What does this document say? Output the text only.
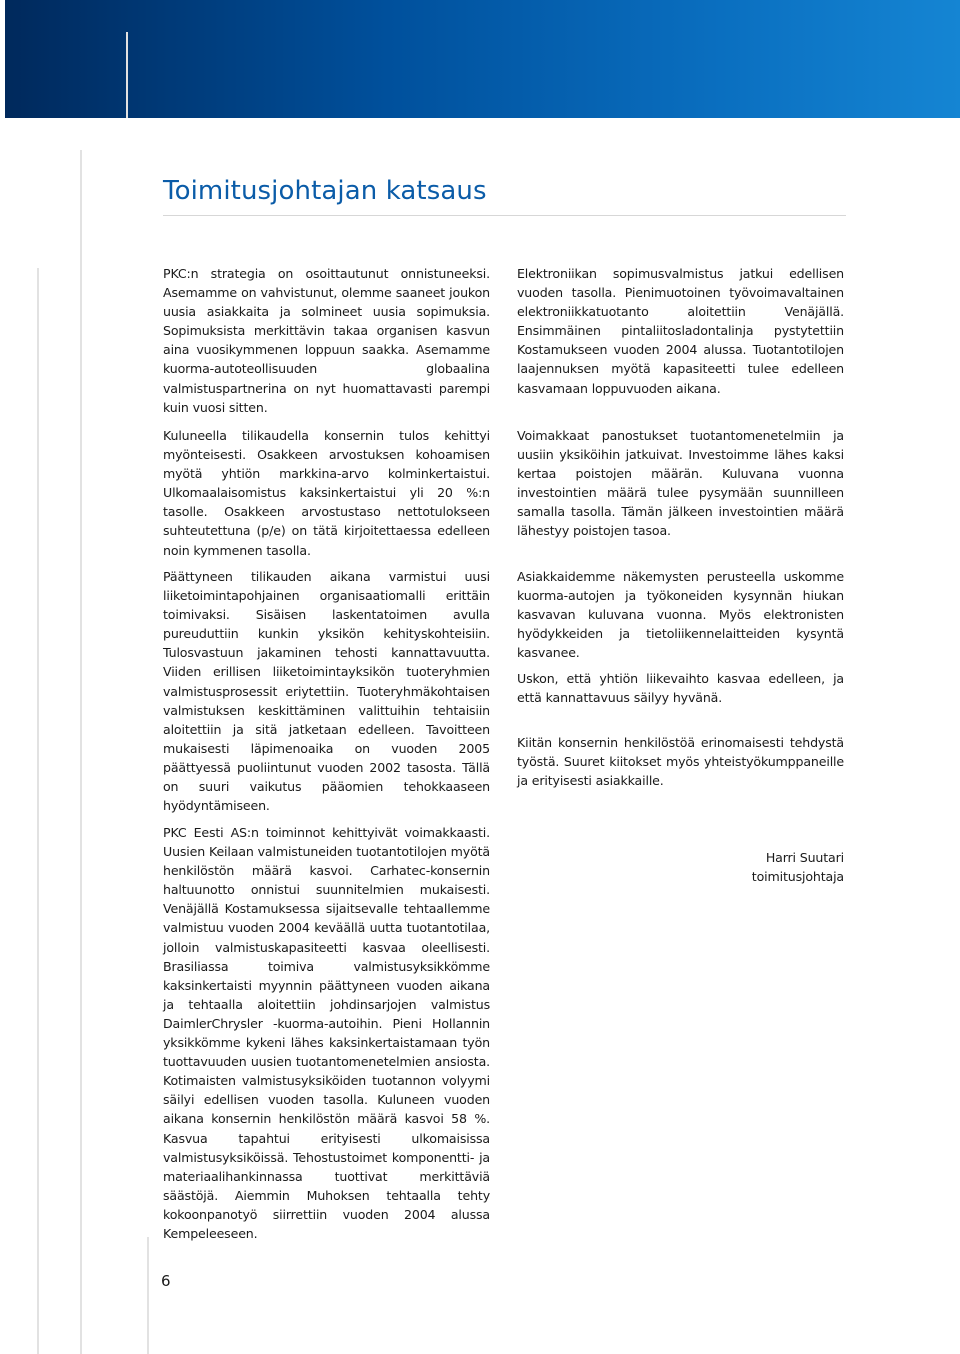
Toimitusjohtajan katsaus

PKC:n strategia on osoittautunut onnistuneeksi. Asemamme on vahvistunut, olemme saaneet joukon uusia asiakkaita ja solmineet uusia sopimuksia. Sopimuksista merkittävin takaa organisen kasvun aina vuosikymmenen loppuun saakka. Asemamme kuorma-autoteollisuuden globaalina valmistuspartnerina on nyt huomattavasti parempi kuin vuosi sitten.

Kuluneella tilikaudella konsernin tulos kehittyi myönteisesti. Osakkeen arvostuksen kohoamisen myötä yhtiön markkina-arvo kolminkertaistui. Ulkomaalaisomistus kaksinkertaistui yli 20 %:n tasolle. Osakkeen arvostustaso nettotulokseen suhteutettuna (p/e) on tätä kirjoitettaessa edelleen noin kymmenen tasolla.

Päättyneen tilikauden aikana varmistui uusi liiketoimintapohjainen organisaatiomalli erittäin toimivaksi. Sisäisen laskentatoimen avulla pureuduttiin kunkin yksikön kehityskohteisiin. Tulosvastuun jakaminen tehosti kannattavuutta. Viiden erillisen liiketoimintayksikön tuoteryhmien valmistusprosessit eriytettiin. Tuoteryhmäkohtaisen valmistuksen keskittäminen valittuihin tehtaisiin aloitettiin ja sitä jatketaan edelleen. Tavoitteen mukaisesti läpimenoaika on vuoden 2005 päättyessä puoliintunut vuoden 2002 tasosta. Tällä on suuri vaikutus pääomien tehokkaaseen hyödyntämiseen.

PKC Eesti AS:n toiminnot kehittyivät voimakkaasti. Uusien Keilaan valmistuneiden tuotantotilojen myötä henkilöstön määrä kasvoi. Carhatec-konsernin haltuunotto onnistui suunnitelmien mukaisesti. Venäjällä Kostamuksessa sijaitsevalle tehtaallemme valmistuu vuoden 2004 keväällä uutta tuotantotilaa, jolloin valmistuskapasiteetti kasvaa oleellisesti. Brasiliassa toimiva valmistusyksikkömme kaksinkertaisti myynnin päättyneen vuoden aikana ja tehtaalla aloitettiin johdinsarjojen valmistus DaimlerChrysler -kuorma-autoihin. Pieni Hollannin yksikkömme kykeni lähes kaksinkertaistamaan työn tuottavuuden uusien tuotantomenetelmien ansiosta. Kotimaisten valmistusyksiköiden tuotannon volyymi säilyi edellisen vuoden tasolla. Kuluneen vuoden aikana konsernin henkilöstön määrä kasvoi 58 %. Kasvua tapahtui erityisesti ulkomaisissa valmistusyksiköissä. Tehostustoimet komponentti- ja materiaalihankinnassa tuottivat merkittäviä säästöjä. Aiemmin Muhoksen tehtaalla tehty kokoonpanotyö siirrettiin vuoden 2004 alussa Kempeleeseen.

Elektroniikan sopimusvalmistus jatkui edellisen vuoden tasolla. Pienimuotoinen työvoimavaltainen elektroniikkatuotanto aloitettiin Venäjällä. Ensimmäinen pintaliitosladontalinja pystytettiin Kostamukseen vuoden 2004 alussa. Tuotantotilojen laajennuksen myötä kapasiteetti tulee edelleen kasvamaan loppuvuoden aikana.

Voimakkaat panostukset tuotantomenetelmiin ja uusiin yksiköihin jatkuivat. Investoimme lähes kaksi kertaa poistojen määrän. Kuluvana vuonna investointien määrä tulee pysymään suunnilleen samalla tasolla. Tämän jälkeen investointien määrä lähestyy poistojen tasoa.

Asiakkaidemme näkemysten perusteella uskomme kuorma-autojen ja työkoneiden kysynnän hiukan kasvavan kuluvana vuonna. Myös elektronisten hyödykkeiden ja tietoliikennelaitteiden kysyntä kasvanee.

Uskon, että yhtiön liikevaihto kasvaa edelleen, ja että kannattavuus säilyy hyvänä.

Kiitän konsernin henkilöstöä erinomaisesti tehdystä työstä. Suuret kiitokset myös yhteistyökumppaneille ja erityisesti asiakkaille.

Harri Suutari
toimitusjohtaja

6
